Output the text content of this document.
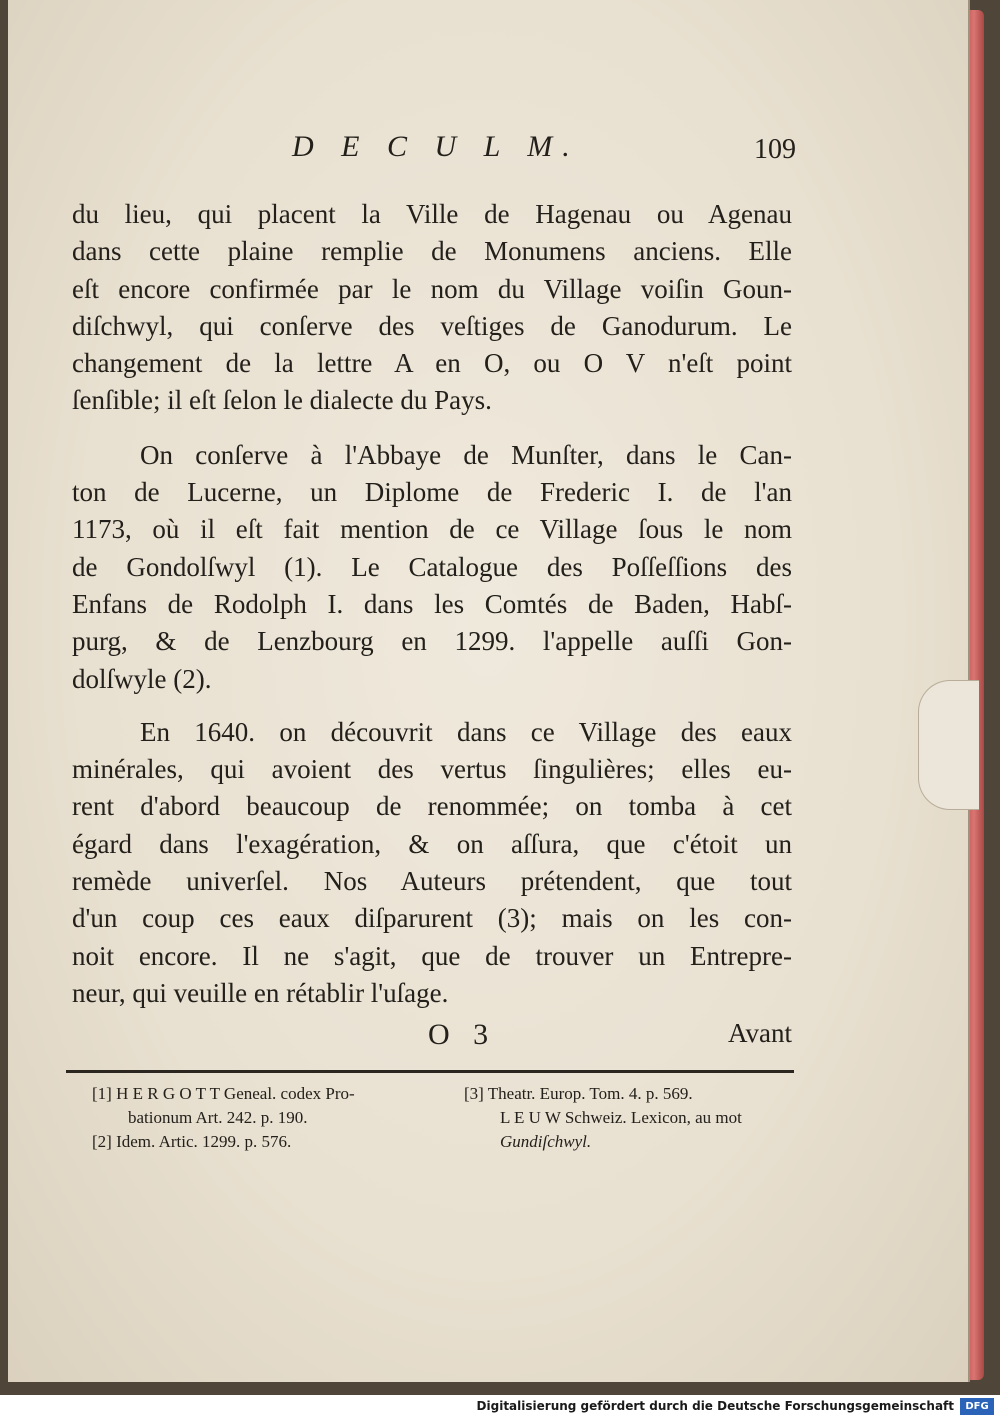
D E C U L M.	109

du lieu, qui placent la Ville de Hagenau ou Agenau
dans cette plaine remplie de Monumens anciens. Elle
eſt encore confirmée par le nom du Village voiſin Goun-
diſchwyl, qui conſerve des veſtiges de Ganodurum. Le
changement de la lettre A en O, ou O V n'eſt point
ſenſible; il eſt ſelon le dialecte du Pays.

On conſerve à l'Abbaye de Munſter, dans le Can-
ton de Lucerne, un Diplome de Frederic I. de l'an
1173, où il eſt fait mention de ce Village ſous le nom
de Gondolſwyl (1). Le Catalogue des Poſſeſſions des
Enfans de Rodolph I. dans les Comtés de Baden, Habſ-
purg, & de Lenzbourg en 1299. l'appelle auſſi Gon-
dolſwyle (2).

En 1640. on découvrit dans ce Village des eaux
minérales, qui avoient des vertus ſingulières; elles eu-
rent d'abord beaucoup de renommée; on tomba à cet
égard dans l'exagération, & on aſſura, que c'étoit un
remède univerſel. Nos Auteurs prétendent, que tout
d'un coup ces eaux diſparurent (3); mais on les con-
noit encore. Il ne s'agit, que de trouver un Entrepre-
neur, qui veuille en rétablir l'uſage.

O 3	Avant
[1] H E R G O T T Geneal. codex Pro-
bationum Art. 242. p. 190.
[2] Idem. Artic. 1299. p. 576.
[3] Theatr. Europ. Tom. 4. p. 569.
L E U W Schweiz. Lexicon, au mot
Gundiſchwyl.
Digitalisierung gefördert durch die Deutsche Forschungsgemeinschaft	DFG
